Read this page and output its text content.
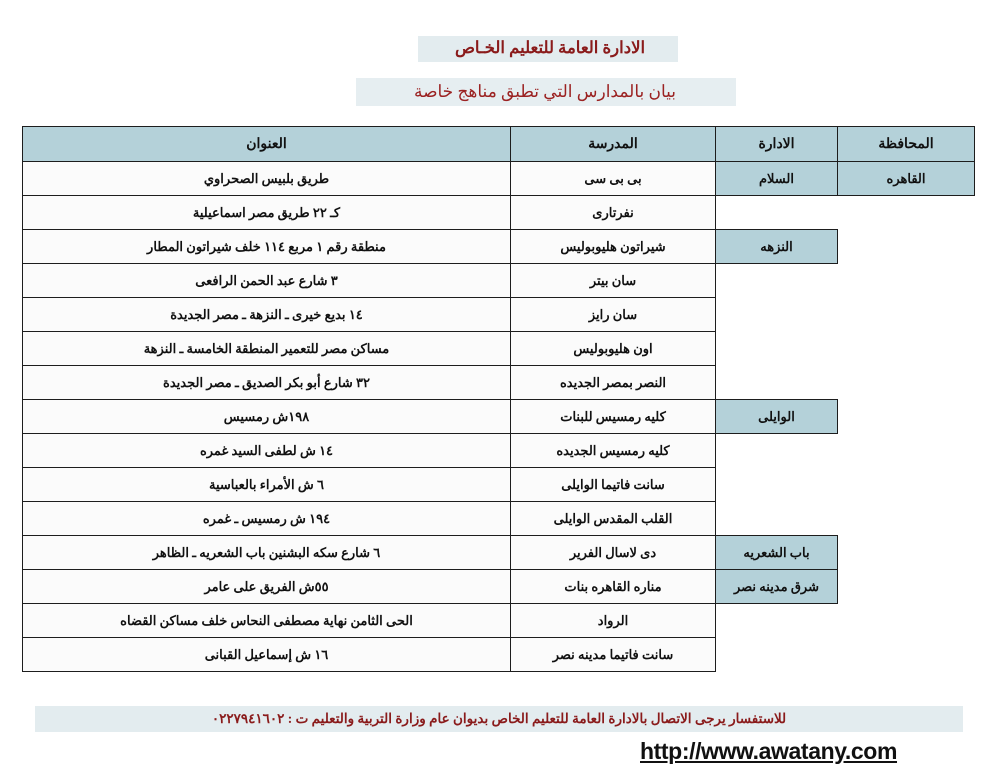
الادارة العامة للتعليم الخـاص
بيان بالمدارس التي تطبق مناهج خاصة
المحافظة	الادارة	المدرسة	العنوان
القاهره	السلام	بى بى سى	طريق بلبيس الصحراوي
		نفرتارى	كـ ٢٢ طريق مصر اسماعيلية
	النزهه	شيراتون هليوبوليس	منطقة رقم ١ مربع ١١٤ خلف شيراتون المطار
		سان بيتر	٣ شارع عبد الحمن الرافعى
		سان رايز	١٤ بديع خيرى ـ النزهة ـ مصر الجديدة
		اون هليوبوليس	مساكن مصر للتعمير المنطقة الخامسة ـ النزهة
		النصر بمصر الجديده	٣٢ شارع أبو بكر الصديق ـ مصر الجديدة
	الوايلى	كليه رمسيس للبنات	١٩٨ش رمسيس
		كليه رمسيس الجديده	١٤ ش لطفى السيد غمره
		سانت فاتيما الوايلى	٦ ش الأمراء بالعباسية
		القلب المقدس الوايلى	١٩٤ ش رمسيس ـ غمره
	باب الشعريه	دى لاسال الفرير	٦ شارع سكه البشنين باب الشعريه ـ الظاهر
	شرق مدينه نصر	مناره القاهره بنات	٥٥ش الفريق على عامر
		الرواد	الحى الثامن نهاية مصطفى النحاس خلف مساكن القضاه
		سانت فاتيما مدينه نصر	١٦ ش إسماعيل القبانى
للاستفسار يرجى الاتصال بالادارة العامة للتعليم الخاص بديوان عام وزارة التربية والتعليم ت : ٠٢٢٧٩٤١٦٠٢
http://www.awatany.com
